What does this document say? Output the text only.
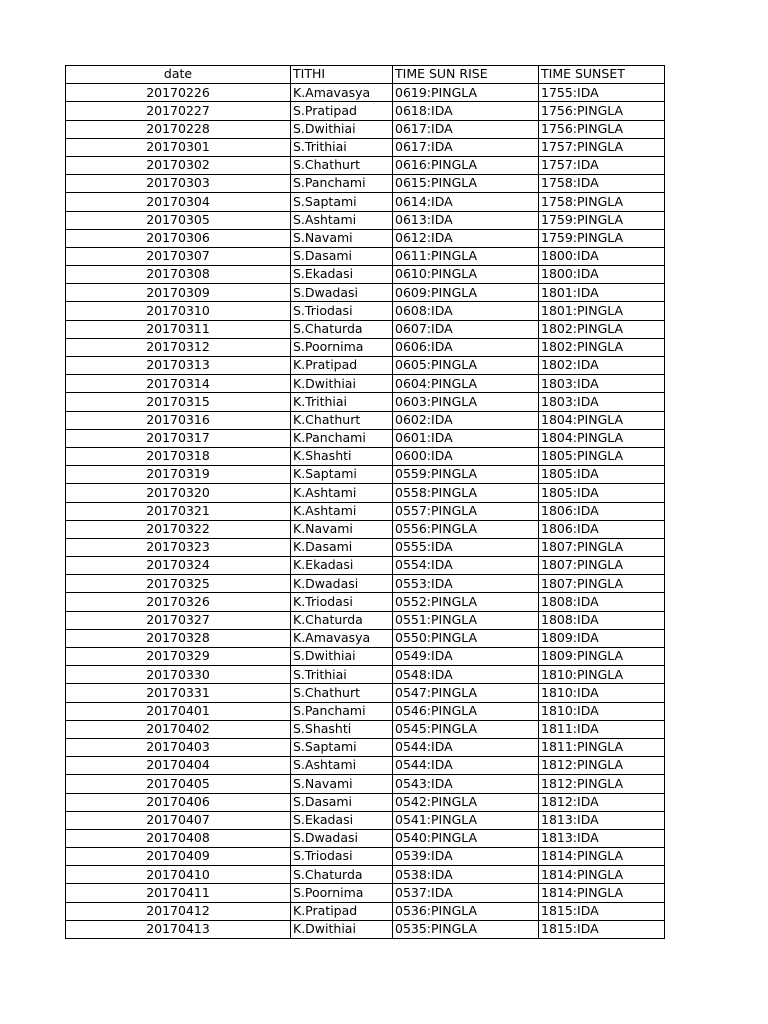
date	TITHI	TIME SUN RISE	TIME SUNSET
20170226	K.Amavasya	0619:PINGLA	1755:IDA
20170227	S.Pratipad	0618:IDA	1756:PINGLA
20170228	S.Dwithiai	0617:IDA	1756:PINGLA
20170301	S.Trithiai	0617:IDA	1757:PINGLA
20170302	S.Chathurt	0616:PINGLA	1757:IDA
20170303	S.Panchami	0615:PINGLA	1758:IDA
20170304	S.Saptami	0614:IDA	1758:PINGLA
20170305	S.Ashtami	0613:IDA	1759:PINGLA
20170306	S.Navami	0612:IDA	1759:PINGLA
20170307	S.Dasami	0611:PINGLA	1800:IDA
20170308	S.Ekadasi	0610:PINGLA	1800:IDA
20170309	S.Dwadasi	0609:PINGLA	1801:IDA
20170310	S.Triodasi	0608:IDA	1801:PINGLA
20170311	S.Chaturda	0607:IDA	1802:PINGLA
20170312	S.Poornima	0606:IDA	1802:PINGLA
20170313	K.Pratipad	0605:PINGLA	1802:IDA
20170314	K.Dwithiai	0604:PINGLA	1803:IDA
20170315	K.Trithiai	0603:PINGLA	1803:IDA
20170316	K.Chathurt	0602:IDA	1804:PINGLA
20170317	K.Panchami	0601:IDA	1804:PINGLA
20170318	K.Shashti	0600:IDA	1805:PINGLA
20170319	K.Saptami	0559:PINGLA	1805:IDA
20170320	K.Ashtami	0558:PINGLA	1805:IDA
20170321	K.Ashtami	0557:PINGLA	1806:IDA
20170322	K.Navami	0556:PINGLA	1806:IDA
20170323	K.Dasami	0555:IDA	1807:PINGLA
20170324	K.Ekadasi	0554:IDA	1807:PINGLA
20170325	K.Dwadasi	0553:IDA	1807:PINGLA
20170326	K.Triodasi	0552:PINGLA	1808:IDA
20170327	K.Chaturda	0551:PINGLA	1808:IDA
20170328	K.Amavasya	0550:PINGLA	1809:IDA
20170329	S.Dwithiai	0549:IDA	1809:PINGLA
20170330	S.Trithiai	0548:IDA	1810:PINGLA
20170331	S.Chathurt	0547:PINGLA	1810:IDA
20170401	S.Panchami	0546:PINGLA	1810:IDA
20170402	S.Shashti	0545:PINGLA	1811:IDA
20170403	S.Saptami	0544:IDA	1811:PINGLA
20170404	S.Ashtami	0544:IDA	1812:PINGLA
20170405	S.Navami	0543:IDA	1812:PINGLA
20170406	S.Dasami	0542:PINGLA	1812:IDA
20170407	S.Ekadasi	0541:PINGLA	1813:IDA
20170408	S.Dwadasi	0540:PINGLA	1813:IDA
20170409	S.Triodasi	0539:IDA	1814:PINGLA
20170410	S.Chaturda	0538:IDA	1814:PINGLA
20170411	S.Poornima	0537:IDA	1814:PINGLA
20170412	K.Pratipad	0536:PINGLA	1815:IDA
20170413	K.Dwithiai	0535:PINGLA	1815:IDA
